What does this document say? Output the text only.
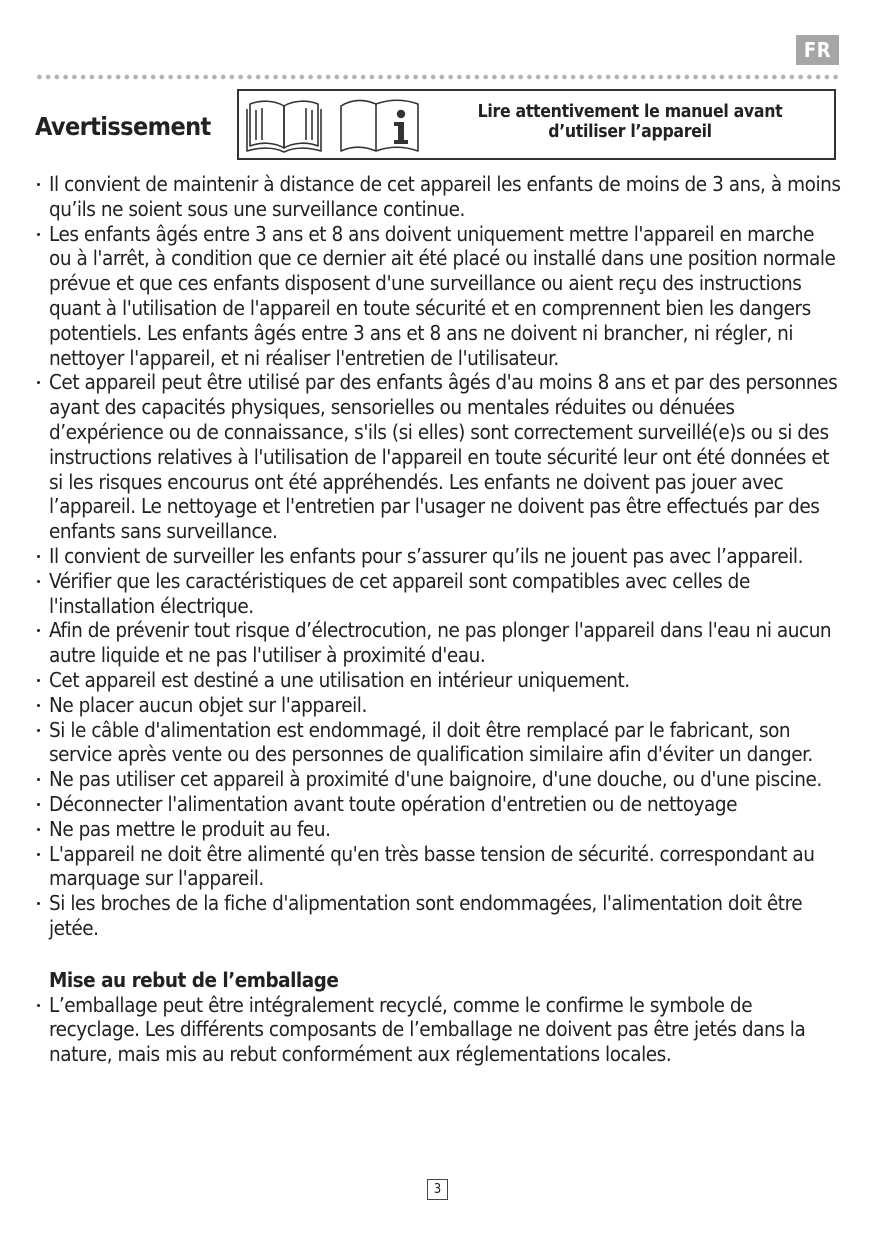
FR
Avertissement	Lire attentivement le manuel avant
d’utiliser l’appareil
Il convient de maintenir à distance de cet appareil les enfants de moins de 3 ans, à moins qu’ils ne soient sous une surveillance continue.
Les enfants âgés entre 3 ans et 8 ans doivent uniquement mettre l'appareil en marche ou à l'arrêt, à condition que ce dernier ait été placé ou installé dans une position normale prévue et que ces enfants disposent d'une surveillance ou aient reçu des instructions quant à l'utilisation de l'appareil en toute sécurité et en comprennent bien les dangers potentiels. Les enfants âgés entre 3 ans et 8 ans ne doivent ni brancher, ni régler, ni nettoyer l'appareil, et ni réaliser l'entretien de l'utilisateur.
Cet appareil peut être utilisé par des enfants âgés d'au moins 8 ans et par des personnes ayant des capacités physiques, sensorielles ou mentales réduites ou dénuées d’expérience ou de connaissance, s'ils (si elles) sont correctement surveillé(e)s ou si des instructions relatives à l'utilisation de l'appareil en toute sécurité leur ont été données et si les risques encourus ont été appréhendés. Les enfants ne doivent pas jouer avec l’appareil. Le nettoyage et l'entretien par l'usager ne doivent pas être effectués par des enfants sans surveillance.
Il convient de surveiller les enfants pour s’assurer qu’ils ne jouent pas avec l’appareil.
Vérifier que les caractéristiques de cet appareil sont compatibles avec celles de l'installation électrique.
Afin de prévenir tout risque d’électrocution, ne pas plonger l'appareil dans l'eau ni aucun autre liquide et ne pas l'utiliser à proximité d'eau.
Cet appareil est destiné a une utilisation en intérieur uniquement.
Ne placer aucun objet sur l'appareil.
Si le câble d'alimentation est endommagé, il doit être remplacé par le fabricant, son service après vente ou des personnes de qualification similaire afin d'éviter un danger.
Ne pas utiliser cet appareil à proximité d'une baignoire, d'une douche, ou d'une piscine.
Déconnecter l'alimentation avant toute opération d'entretien ou de nettoyage
Ne pas mettre le produit au feu.
L'appareil ne doit être alimenté qu'en très basse tension de sécurité. correspondant au marquage sur l'appareil.
Si les broches de la fiche d'alipmentation sont endommagées, l'alimentation doit être jetée.
Mise au rebut de l’emballage
L’emballage peut être intégralement recyclé, comme le confirme le symbole de recyclage. Les différents composants de l’emballage ne doivent pas être jetés dans la nature, mais mis au rebut conformément aux réglementations locales.
3
